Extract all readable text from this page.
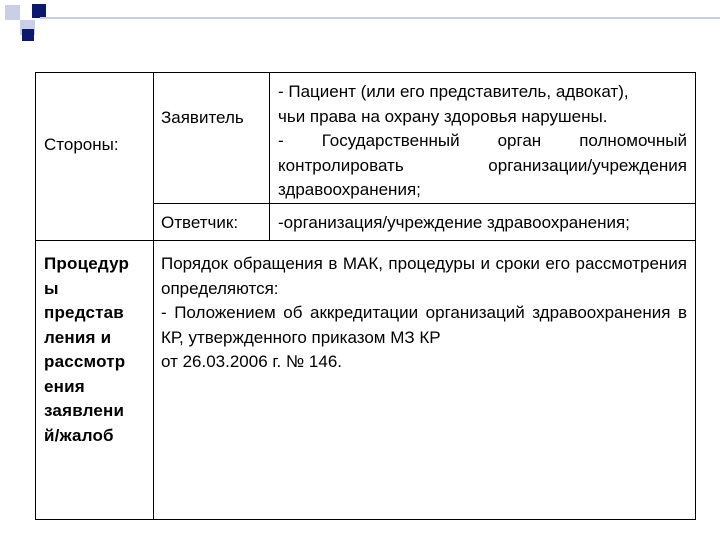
Стороны:
Заявитель

- Пациент (или его представитель, адвокат),

чьи права на охрану здоровья нарушены.

- Государственный орган полномочный контролировать организации/учреждения здравоохранения;

Ответчик: -организация/учреждение здравоохранения;
Процедур
ы
представ
ления и
рассмотр
ения
заявлени
й/жалоб

Порядок обращения в МАК, процедуры и сроки его рассмотрения определяются:

- Положением об аккредитации организаций здравоохранения в КР, утвержденного приказом МЗ КР

от 26.03.2006 г. № 146.
